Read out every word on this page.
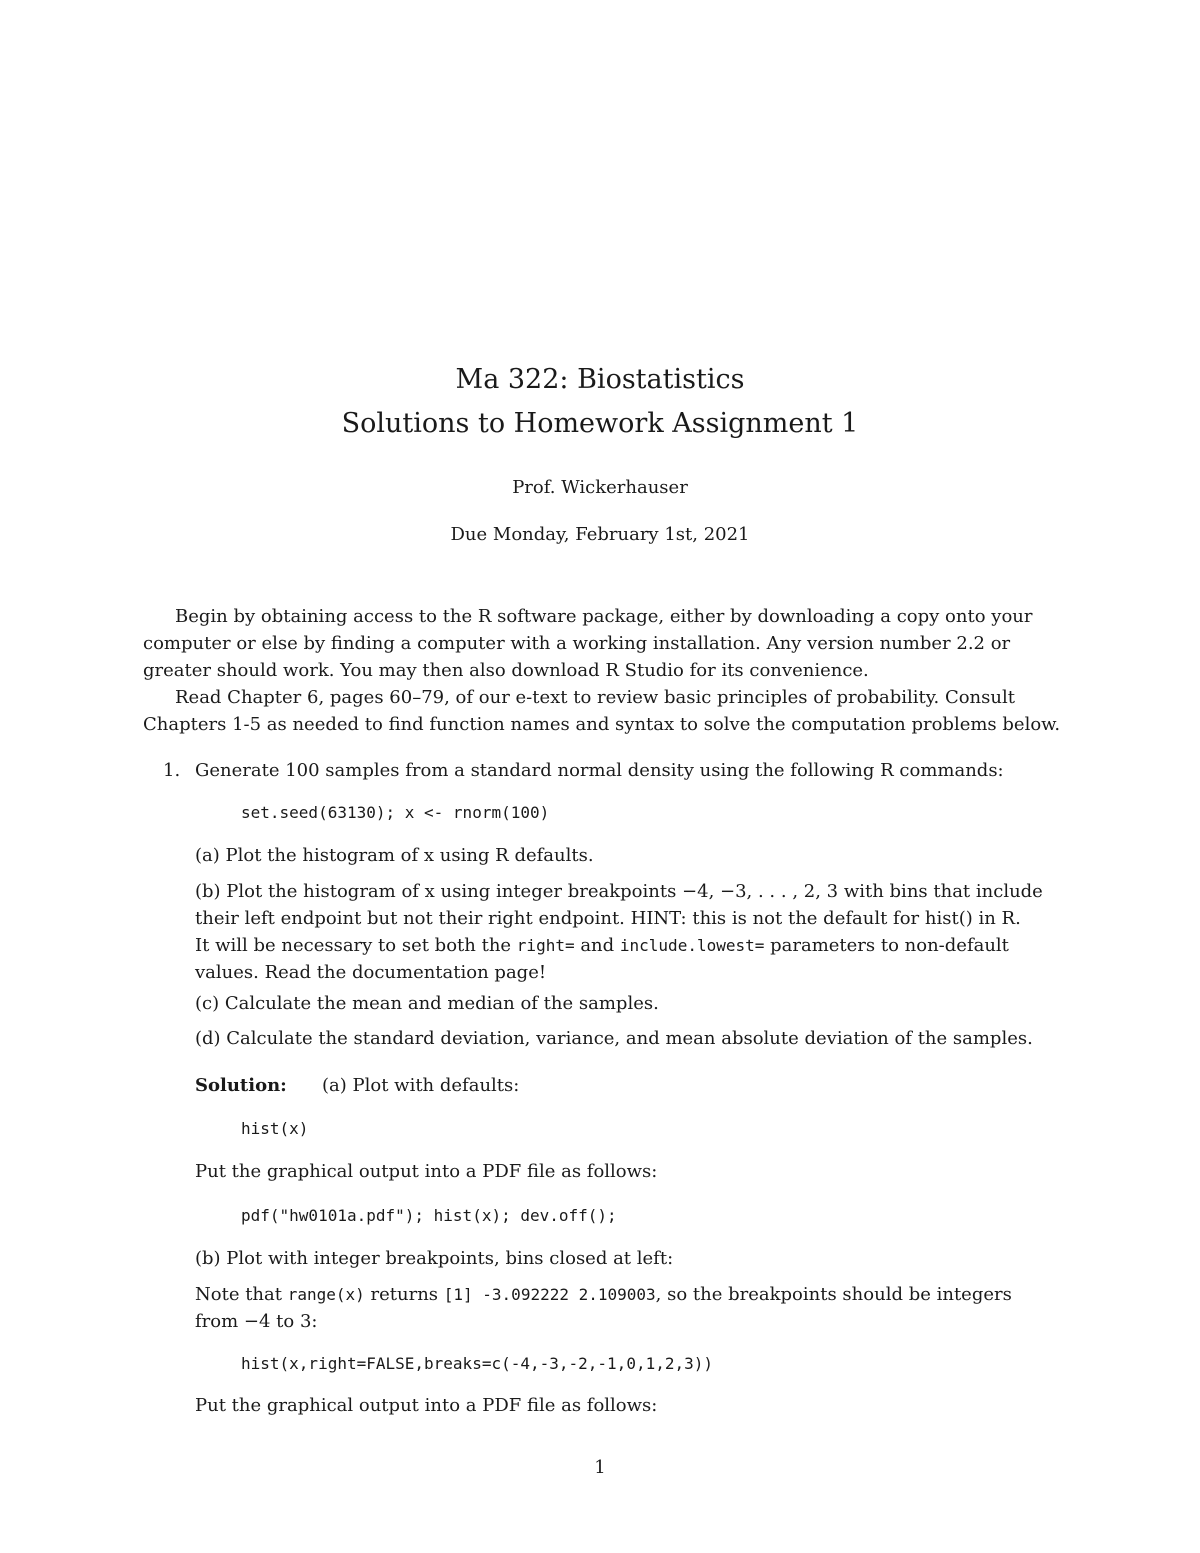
Ma 322: Biostatistics
Solutions to Homework Assignment 1
Prof. Wickerhauser
Due Monday, February 1st, 2021
Begin by obtaining access to the R software package, either by downloading a copy onto your
computer or else by finding a computer with a working installation. Any version number 2.2 or
greater should work. You may then also download R Studio for its convenience.
Read Chapter 6, pages 60–79, of our e-text to review basic principles of probability. Consult
Chapters 1-5 as needed to find function names and syntax to solve the computation problems below.
1. Generate 100 samples from a standard normal density using the following R commands:
set.seed(63130); x <- rnorm(100)
(a) Plot the histogram of x using R defaults.
(b) Plot the histogram of x using integer breakpoints −4, −3, . . . , 2, 3 with bins that include
their left endpoint but not their right endpoint. HINT: this is not the default for hist() in R.
It will be necessary to set both the right= and include.lowest= parameters to non-default
values. Read the documentation page!
(c) Calculate the mean and median of the samples.
(d) Calculate the standard deviation, variance, and mean absolute deviation of the samples.
Solution: (a) Plot with defaults:
hist(x)
Put the graphical output into a PDF file as follows:
pdf("hw0101a.pdf"); hist(x); dev.off();
(b) Plot with integer breakpoints, bins closed at left:
Note that range(x) returns [1] -3.092222 2.109003, so the breakpoints should be integers
from −4 to 3:
hist(x,right=FALSE,breaks=c(-4,-3,-2,-1,0,1,2,3))
Put the graphical output into a PDF file as follows:
1
